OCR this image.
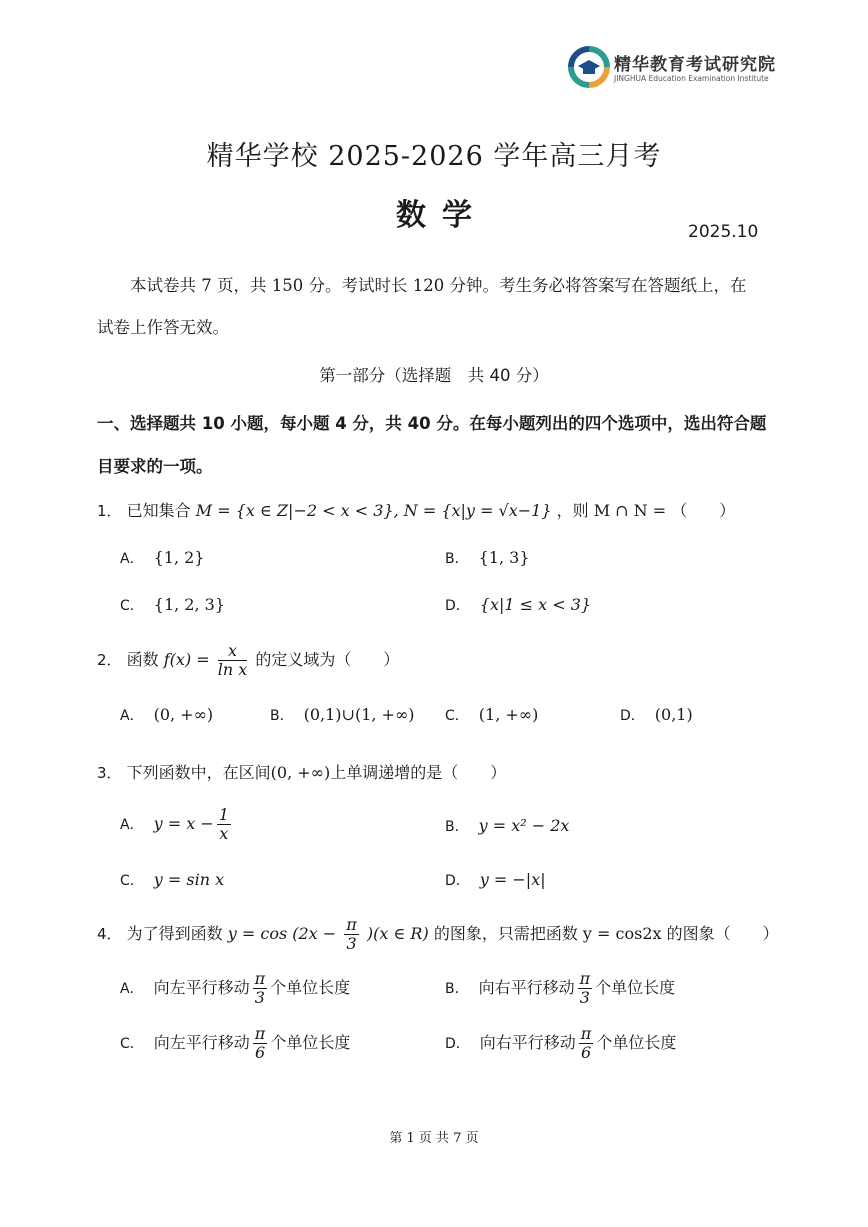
精华教育考试研究院
JINGHUA Education Examination Institute
精华学校 2025-2026 学年高三月考
数学	2025.10
本试卷共 7 页，共 150 分。考试时长 120 分钟。考生务必将答案写在答题纸上，在
试卷上作答无效。
第一部分（选择题　共 40 分）
一、选择题共 10 小题，每小题 4 分，共 40 分。在每小题列出的四个选项中，选出符合题
目要求的一项。
1． 已知集合 M = {x ∈ Z|−2 < x < 3}, N = {x|y = √x−1} ，则 M ∩ N = （　　）
A． {1, 2}	B． {1, 3}
C． {1, 2, 3}	D． {x|1 ≤ x < 3}
2． 函数 $f(x) = \frac{x}{\text{ln x}}$ 的定义域为（　　）
A． (0, +∞)	B． (0,1)∪(1, +∞) C． (1, +∞)	D． (0,1)
3． 下列函数中，在区间(0, +∞)上单调递增的是（　　）
A． $y = x - \frac{1}{x}$	B． y = x² − 2x
C． y = sin x	D． y = −|x|
4． 为了得到函数 $y = \cos (2x - \frac{\pi}{3} )(x$ ∈ R) 的图象，只需把函数 y = cos2x 的图象（　　）
A． 向左平行移动 $\frac{\pi}{3}$ 个单位长度	B． 向右平行移动 $\frac{\pi}{3}$ 个单位长度
C． 向左平行移动 $\frac{\pi}{6}$ 个单位长度	D． 向右平行移动 $\frac{\pi}{6}$ 个单位长度
第 1 页 共 7 页
